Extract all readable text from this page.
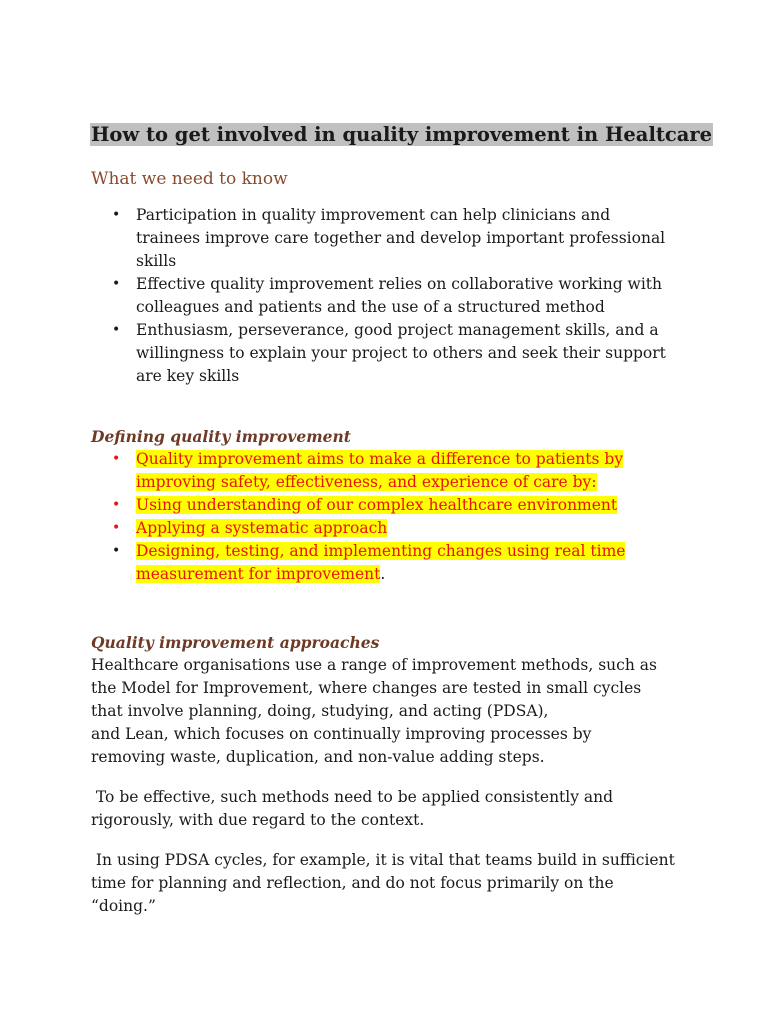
How to get involved in quality improvement in Healtcare
What we need to know
• Participation in quality improvement can help clinicians and
trainees improve care together and develop important professional
skills
• Effective quality improvement relies on collaborative working with
colleagues and patients and the use of a structured method
• Enthusiasm, perseverance, good project management skills, and a
willingness to explain your project to others and seek their support
are key skills
Defining quality improvement
• Quality improvement aims to make a difference to patients by
improving safety, effectiveness, and experience of care by:
• Using understanding of our complex healthcare environment
• Applying a systematic approach
• Designing, testing, and implementing changes using real time
measurement for improvement.
Quality improvement approaches

Healthcare organisations use a range of improvement methods, such as
the Model for Improvement, where changes are tested in small cycles
that involve planning, doing, studying, and acting (PDSA),
and Lean, which focuses on continually improving processes by
removing waste, duplication, and non-value adding steps.

To be effective, such methods need to be applied consistently and
rigorously, with due regard to the context.

In using PDSA cycles, for example, it is vital that teams build in sufficient
time for planning and reflection, and do not focus primarily on the
“doing.”
